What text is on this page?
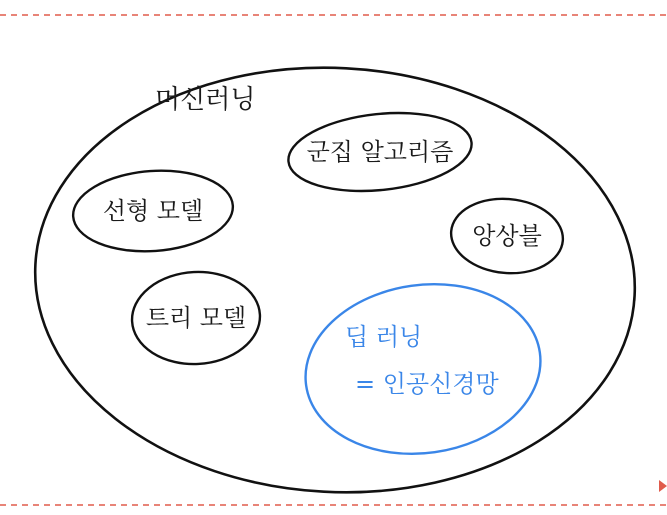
머신러닝
군집 알고리즘
선형 모델
앙상블
트리 모델
딥 러닝
= 인공신경망
